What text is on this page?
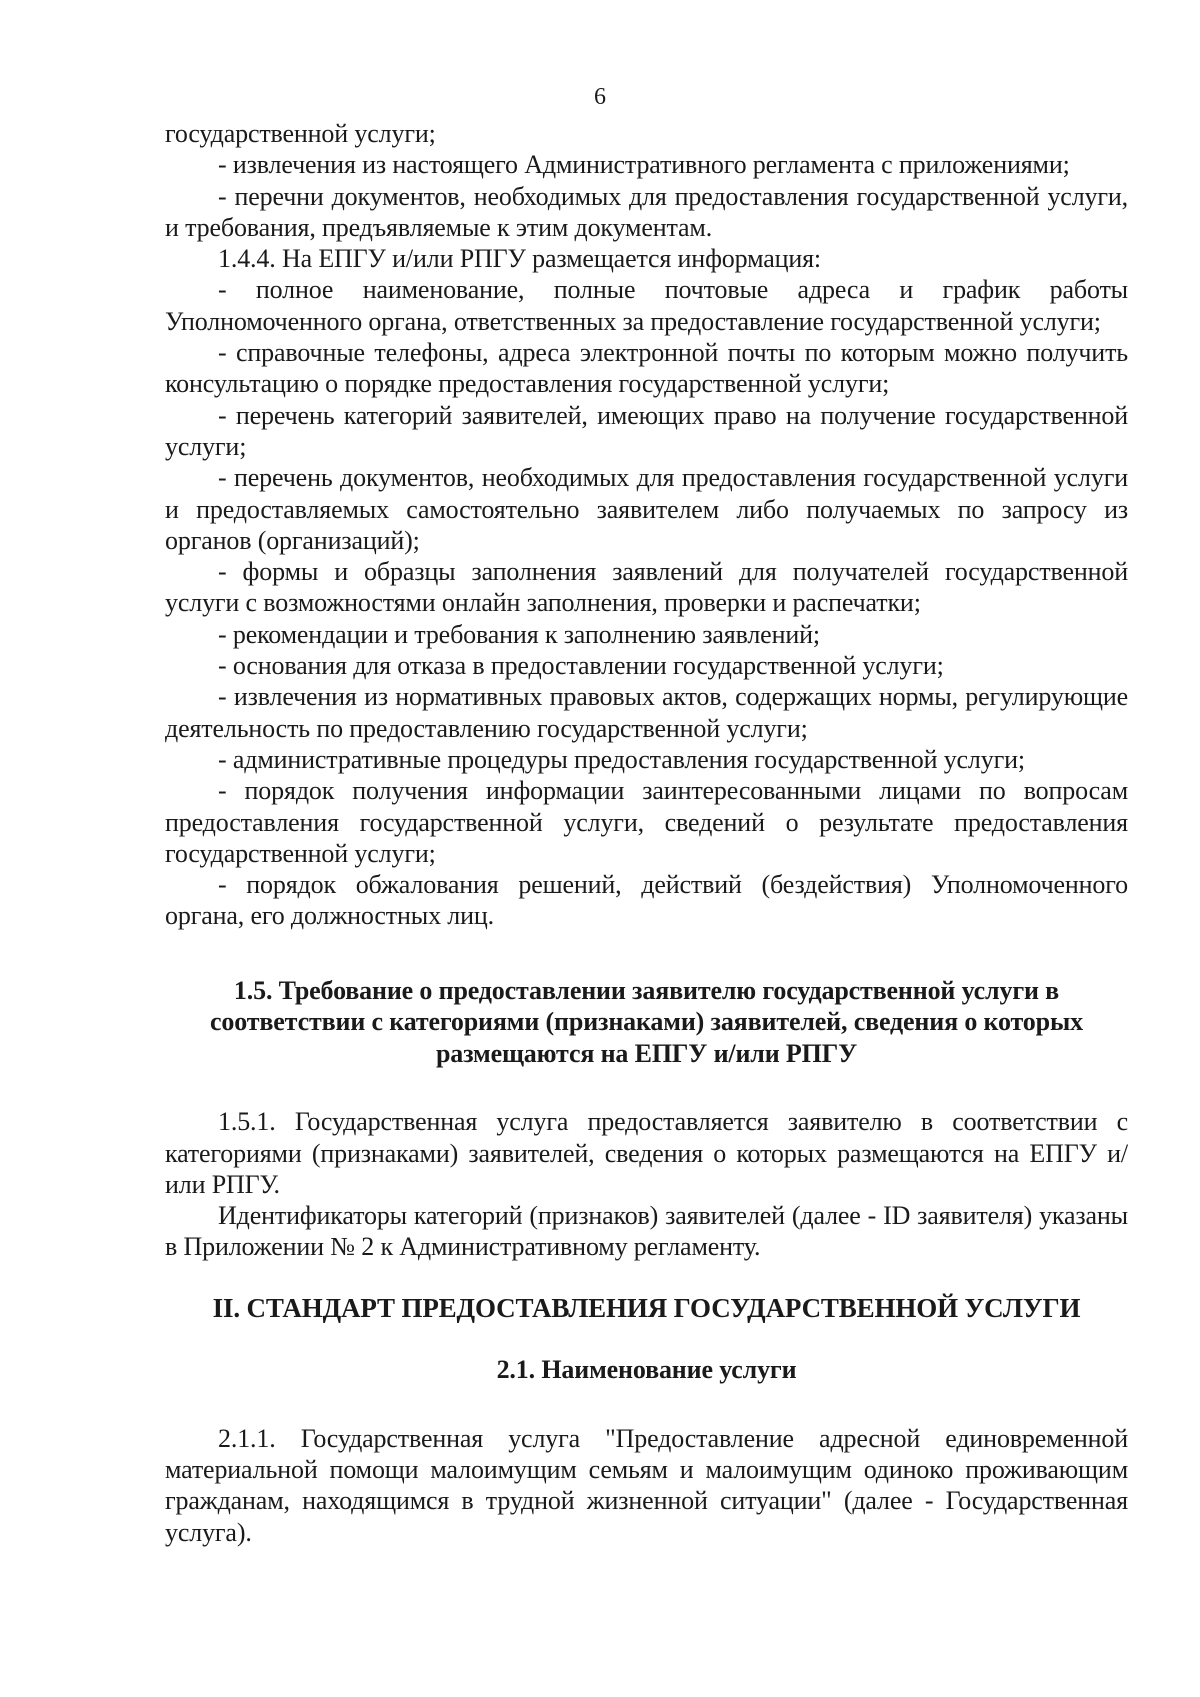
6

государственной услуги;

- извлечения из настоящего Административного регламента с приложениями;

- перечни документов, необходимых для предоставления государственной услуги, и требования, предъявляемые к этим документам.

1.4.4. На ЕПГУ и/или РПГУ размещается информация:

- полное наименование, полные почтовые адреса и график работы Уполномоченного органа, ответственных за предоставление государственной услуги;

- справочные телефоны, адреса электронной почты по которым можно получить консультацию о порядке предоставления государственной услуги;

- перечень категорий заявителей, имеющих право на получение государственной услуги;

- перечень документов, необходимых для предоставления государственной услуги и предоставляемых самостоятельно заявителем либо получаемых по запросу из органов (организаций);

- формы и образцы заполнения заявлений для получателей государственной услуги с возможностями онлайн заполнения, проверки и распечатки;

- рекомендации и требования к заполнению заявлений;

- основания для отказа в предоставлении государственной услуги;

- извлечения из нормативных правовых актов, содержащих нормы, регулирующие деятельность по предоставлению государственной услуги;

- административные процедуры предоставления государственной услуги;

- порядок получения информации заинтересованными лицами по вопросам предоставления государственной услуги, сведений о результате предоставления государственной услуги;

- порядок обжалования решений, действий (бездействия) Уполномоченного органа, его должностных лиц.

1.5. Требование о предоставлении заявителю государственной услуги в соответствии с категориями (признаками) заявителей, сведения о которых размещаются на ЕПГУ и/или РПГУ

1.5.1. Государственная услуга предоставляется заявителю в соответствии с категориями (признаками) заявителей, сведения о которых размещаются на ЕПГУ и/или РПГУ.

Идентификаторы категорий (признаков) заявителей (далее - ID заявителя) указаны в Приложении № 2 к Административному регламенту.

II. СТАНДАРТ ПРЕДОСТАВЛЕНИЯ ГОСУДАРСТВЕННОЙ УСЛУГИ

2.1. Наименование услуги

2.1.1. Государственная услуга "Предоставление адресной единовременной материальной помощи малоимущим семьям и малоимущим одиноко проживающим гражданам, находящимся в трудной жизненной ситуации" (далее - Государственная услуга).
